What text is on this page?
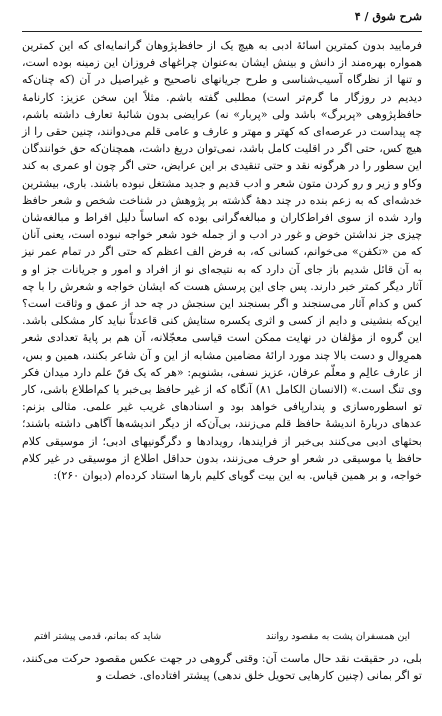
۴ / شرح شوق

فرمایید بدون کمترین اسائهٔ ادبی به هیچ یک از حافظ‌پژوهان گرانمایه‌ای که این کمترین همواره بهره‌مند از دانش و بینش ایشان به‌عنوان چراغهای فروزان این زمینه بوده است، و تنها از نظرگاه آسیب‌شناسی و طرح جریانهای ناصحیح و غیراصیل در آن (که چنان‌که دیدیم در روزگار ما گرم‌تر است) مطلبی گفته باشم. مثلاً این سخن عزیز: کارنامهٔ حافظ‌پژوهی «پربرگ» باشد ولی «پربار» نه) عرایضی بدون شائبهٔ تعارف داشته باشم، چه پیداست در عرصه‌ای که کهتر و مهتر و عارف و عامی قلم می‌دوانند، چنین حقی را از هیچ کس، حتی اگر در اقلیت کامل باشد، نمی‌توان دریغ داشت، همچنان‌که حق خوانندگان این سطور را در هرگونه نقد و حتی تنقیدی بر این عرایض، حتی اگر چون او عمری به کند وکاو و زیر و رو کردن متون شعر و ادب قدیم و جدید مشتغل نبوده باشند. باری، بیشترین خدشه‌ای که به زعم بنده در چند دههٔ گذشته بر پژوهش در شناخت شخص و شعر حافظ وارد شده از سوی افراط‌کاران و مبالغه‌گرانی بوده که اساساً دلیل افراط و مبالغه‌شان چیزی جز نداشتن خوض و غور در ادب و از جمله خود شعر خواجه نبوده است، یعنی آنان که من «تکفن» می‌خوانم، کسانی که، به فرض الف اعظم که حتی اگر در تمام عمر نیز به آن قائل شدیم باز جای آن دارد که به نتیجه‌ای نو از افراد و امور و جریانات جز او و آثار دیگر کمتر خبر دارند. پس جای این پرسش هست که ایشان خواجه و شعرش را با چه کس و کدام آثار می‌سنجند و اگر بسنجند این سنجش در چه حد از عمق و وثاقت است؟ این‌که بنشینی و دایم از کسی و اثری یکسره ستایش کنی قاعدتاً نباید کار مشکلی باشد. این گروه از مؤلفان در نهایت ممکن است قیاسی معجّلانه، آن هم بر پایهٔ تعدادی شعر همرِوال و دست بالا چند مورد ارائهٔ مضامین مشابه از این و آن شاعر بکنند، همین و بس، از عارف عالِم و معلّم عرفان، عزیز نسفی، بشنویم: «هر که یک فنّ علم دارد میدان فکر وی تنگ است.» (الانسان الکامل ۸۱) آنگاه که از غیر حافظ بی‌خبر یا کم‌اطلاع باشی، کار تو اسطوره‌سازی و پندارپافی خواهد بود و اسنادهای غریب غیر علمی. مثالی بزنم: عدهای دربارهٔ اندیشهٔ حافظ قلم می‌زنند، بی‌آن‌که از دیگر اندیشه‌ها آگاهی داشته باشند؛ بحثهای ادبی می‌کنند بی‌خبر از فرایندها، رویدادها و دگرگونیهای ادبی؛ از موسیقی کلام حافظ یا موسیقی در شعر او حرف می‌زنند، بدون حداقل اطلاع از موسیقی در غیر کلام خواجه، و بر همین قیاس. به این بیت گویای کلیم بارها استناد کرده‌ام (دیوان ۲۶۰):

این همسفران پشت به مقصود روانند
شاید که بمانم، قدمی پیشتر افتم

بلی، در حقیقت نقد حال ماست آن: وقتی گروهی در جهت عکس مقصود حرکت می‌کنند، تو اگر بمانی (چنین کارهایی تحویل خلق ندهی) پیشتر افتاده‌ای. خصلت و
